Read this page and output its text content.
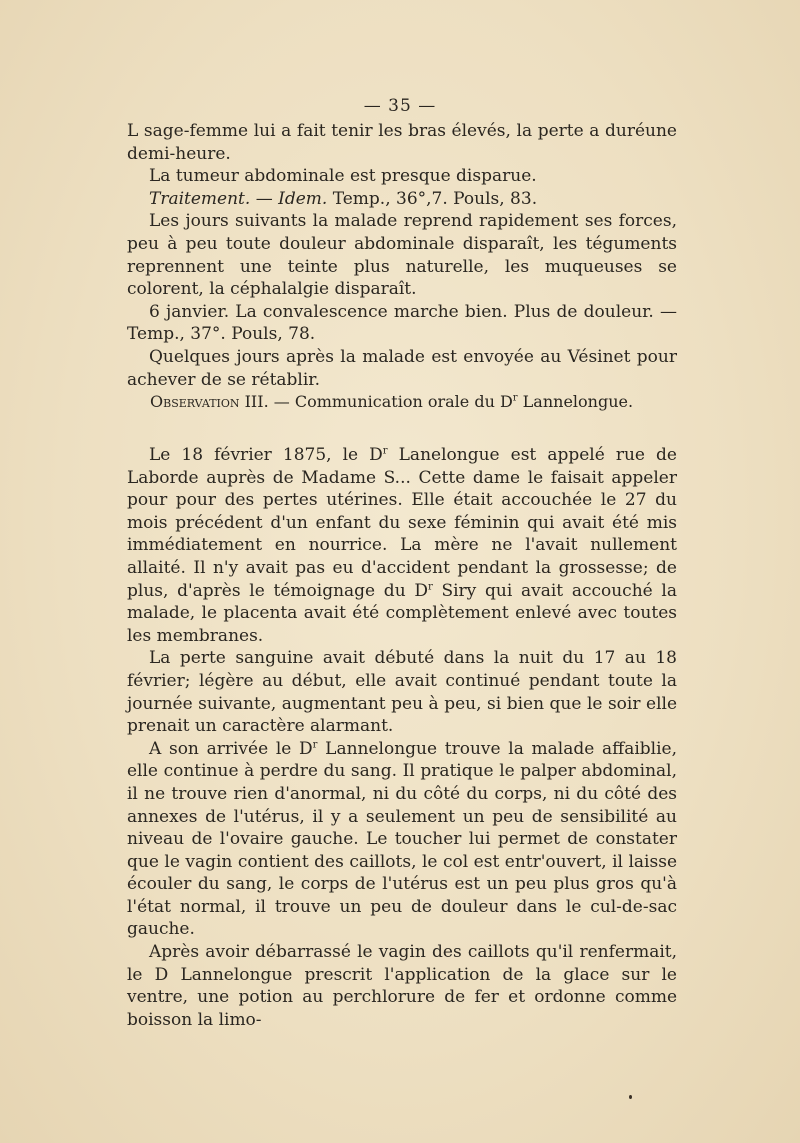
— 35 —

L sage-femme lui a fait tenir les bras élevés, la perte a duréune demi-heure.

La tumeur abdominale est presque disparue.

Traitement. — Idem. Temp., 36°,7. Pouls, 83.

Les jours suivants la malade reprend rapidement ses forces, peu à peu toute douleur abdominale disparaît, les téguments reprennent une teinte plus naturelle, les muqueuses se colorent, la céphalalgie disparaît.

6 janvier. La convalescence marche bien. Plus de douleur. — Temp., 37°. Pouls, 78.

Quelques jours après la malade est envoyée au Vésinet pour achever de se rétablir.

Observation III. — Communication orale du $D^r$ Lannelongue.

Le 18 février 1875, le $D^r$ Lanelongue est appelé rue de Laborde auprès de Madame S... Cette dame le faisait appeler pour pour des pertes utérines. Elle était accouchée le 27 du mois précédent d'un enfant du sexe féminin qui avait été mis immédiatement en nourrice. La mère ne l'avait nullement allaité. Il n'y avait pas eu d'accident pendant la grossesse; de plus, d'après le témoignage du $D^r$ Siry qui avait accouché la malade, le placenta avait été complètement enlevé avec toutes les membranes.

La perte sanguine avait débuté dans la nuit du 17 au 18 février; légère au début, elle avait continué pendant toute la journée suivante, augmentant peu à peu, si bien que le soir elle prenait un caractère alarmant.

A son arrivée le $D^r$ Lannelongue trouve la malade affaiblie, elle continue à perdre du sang. Il pratique le palper abdominal, il ne trouve rien d'anormal, ni du côté du corps, ni du côté des annexes de l'utérus, il y a seulement un peu de sensibilité au niveau de l'ovaire gauche. Le toucher lui permet de constater que le vagin contient des caillots, le col est entr'ouvert, il laisse écouler du sang, le corps de l'utérus est un peu plus gros qu'à l'état normal, il trouve un peu de douleur dans le cul-de-sac gauche.

Après avoir débarrassé le vagin des caillots qu'il renfermait, le D Lannelongue prescrit l'application de la glace sur le ventre, une potion au perchlorure de fer et ordonne comme boisson la limo-
